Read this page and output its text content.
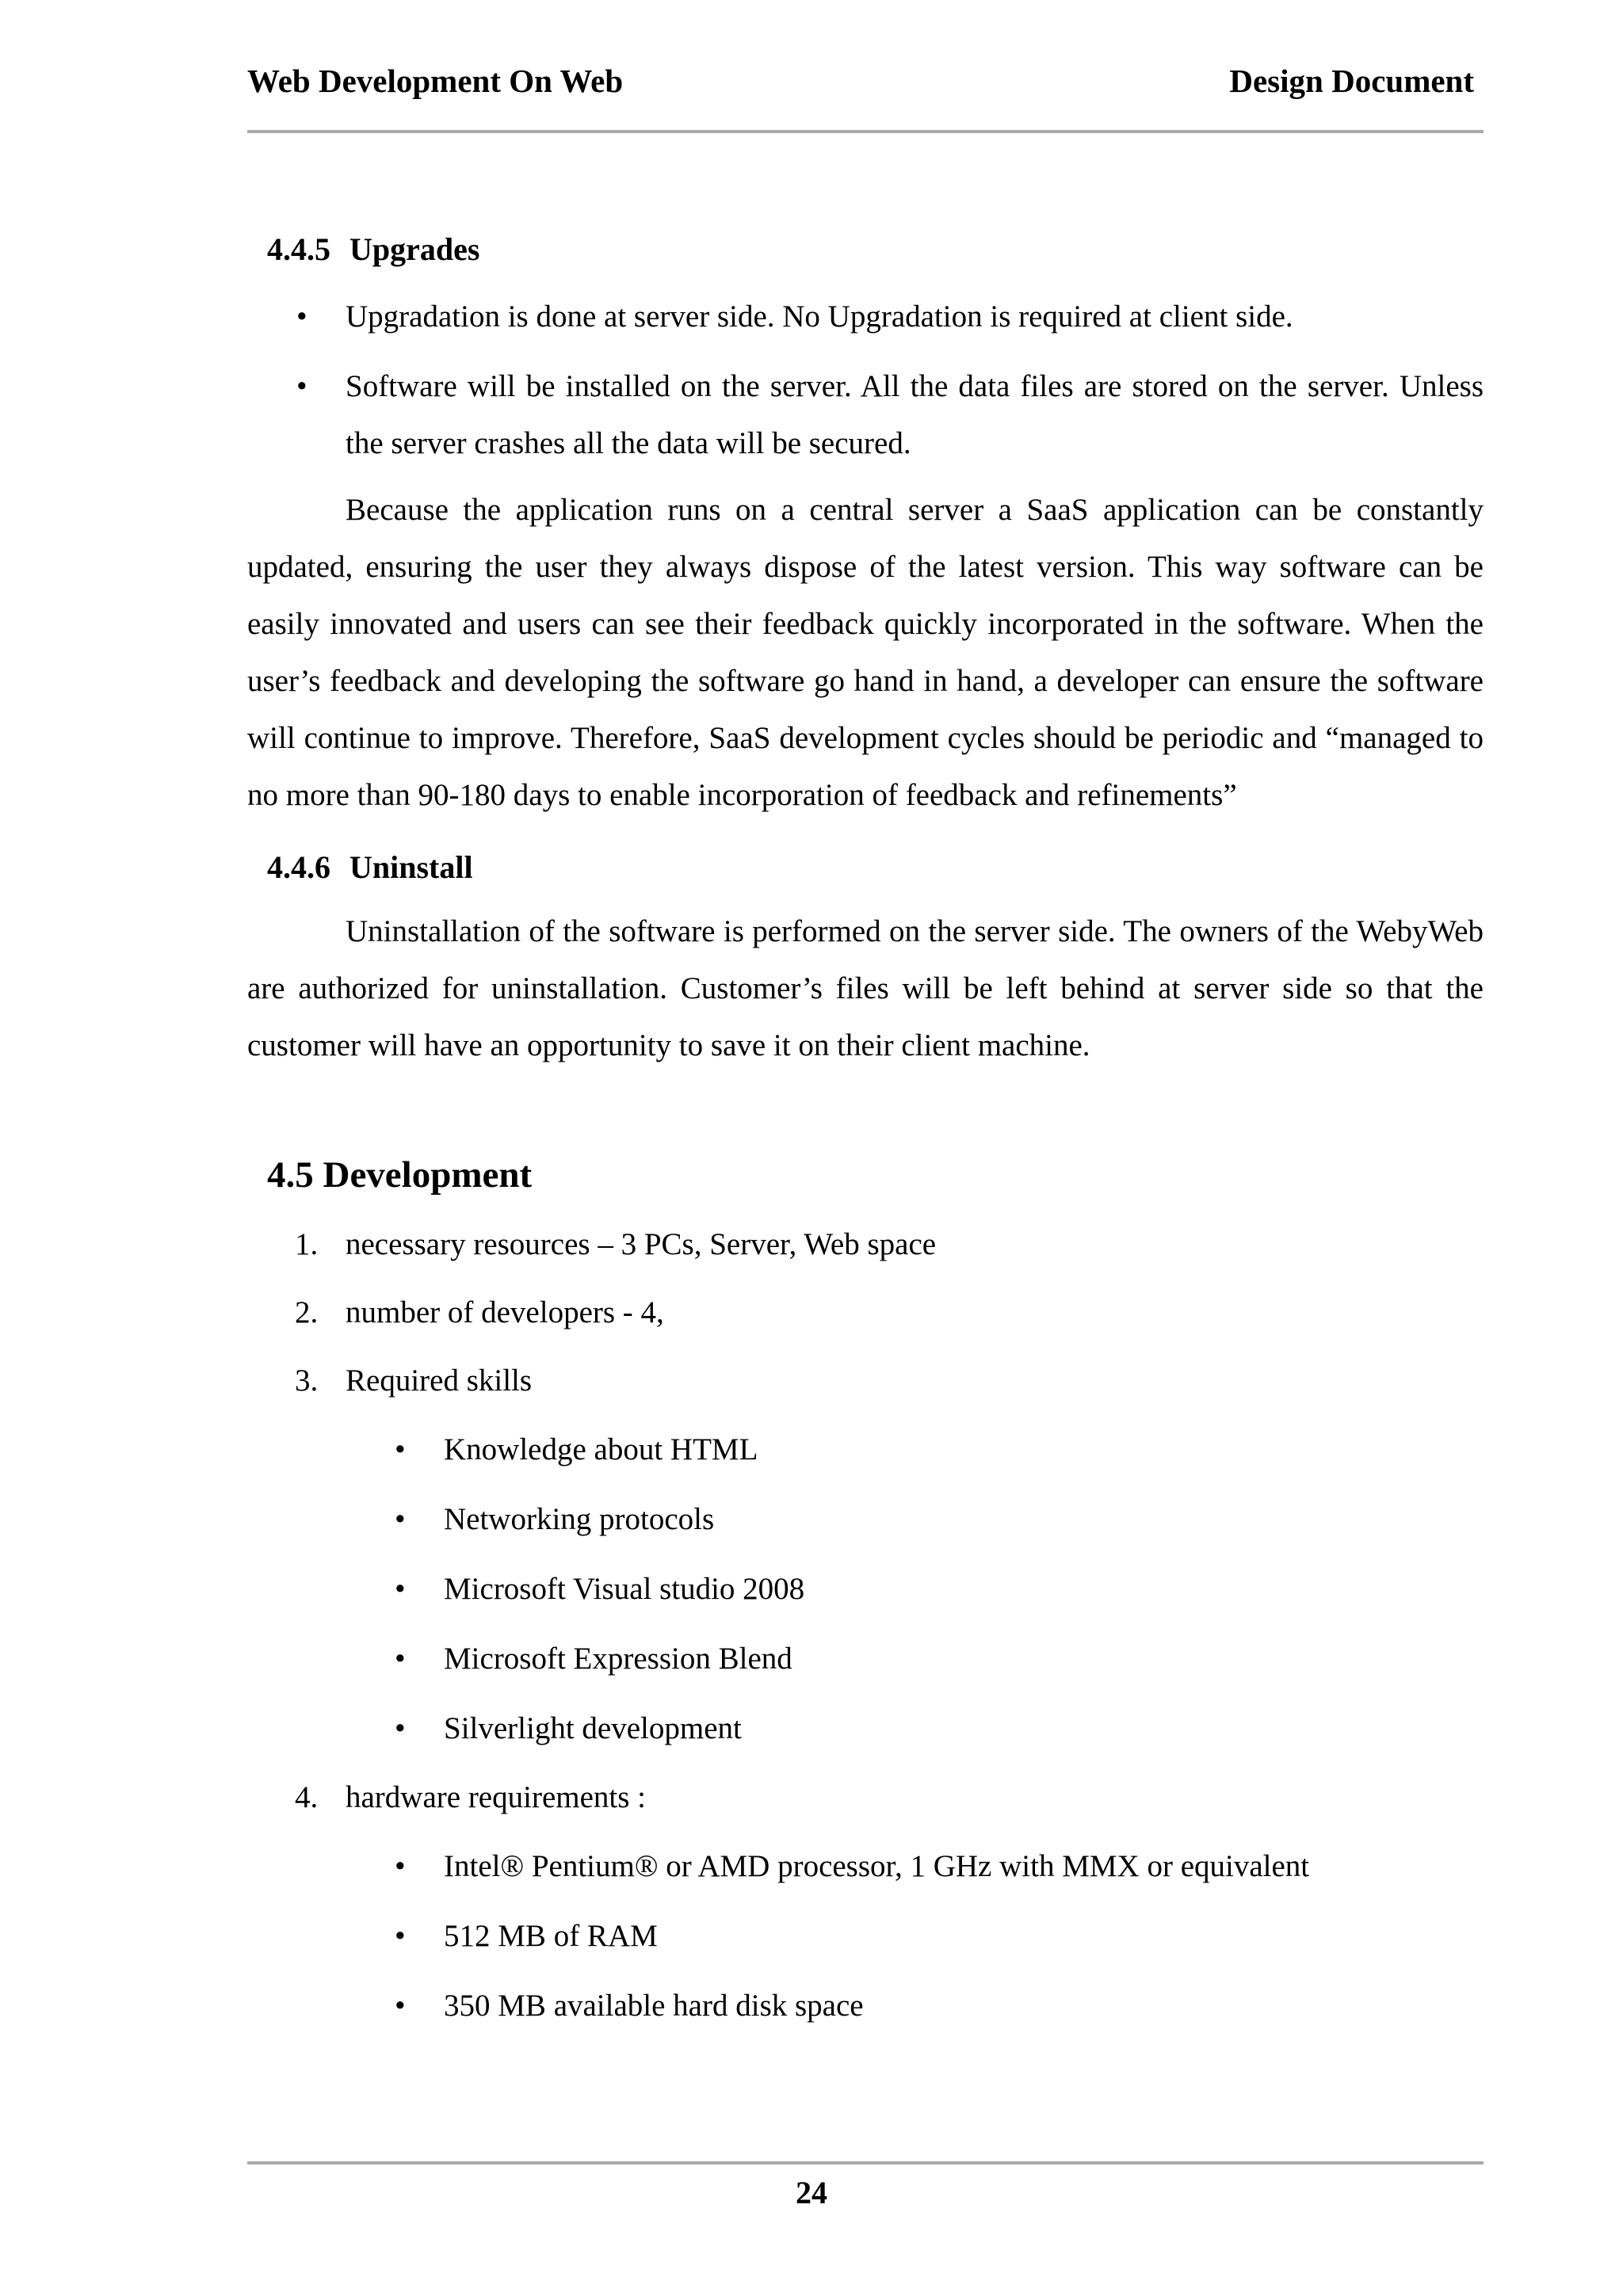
Web Development On Web	Design Document
4.4.5 Upgrades
• Upgradation is done at server side. No Upgradation is required at client side.
• Software will be installed on the server. All the data files are stored on the server. Unless the server crashes all the data will be secured.

Because the application runs on a central server a SaaS application can be constantly updated, ensuring the user they always dispose of the latest version. This way software can be easily innovated and users can see their feedback quickly incorporated in the software. When the user’s feedback and developing the software go hand in hand, a developer can ensure the software will continue to improve. Therefore, SaaS development cycles should be periodic and “managed to no more than 90-180 days to enable incorporation of feedback and refinements”

4.4.6 Uninstall

Uninstallation of the software is performed on the server side. The owners of the WebyWeb are authorized for uninstallation. Customer’s files will be left behind at server side so that the customer will have an opportunity to save it on their client machine.

4.5 Development
1. necessary resources – 3 PCs, Server, Web space
2. number of developers - 4,
3. Required skills
• Knowledge about HTML
• Networking protocols
• Microsoft Visual studio 2008
• Microsoft Expression Blend
• Silverlight development
4. hardware requirements :
• Intel® Pentium® or AMD processor, 1 GHz with MMX or equivalent
• 512 MB of RAM
• 350 MB available hard disk space
24
